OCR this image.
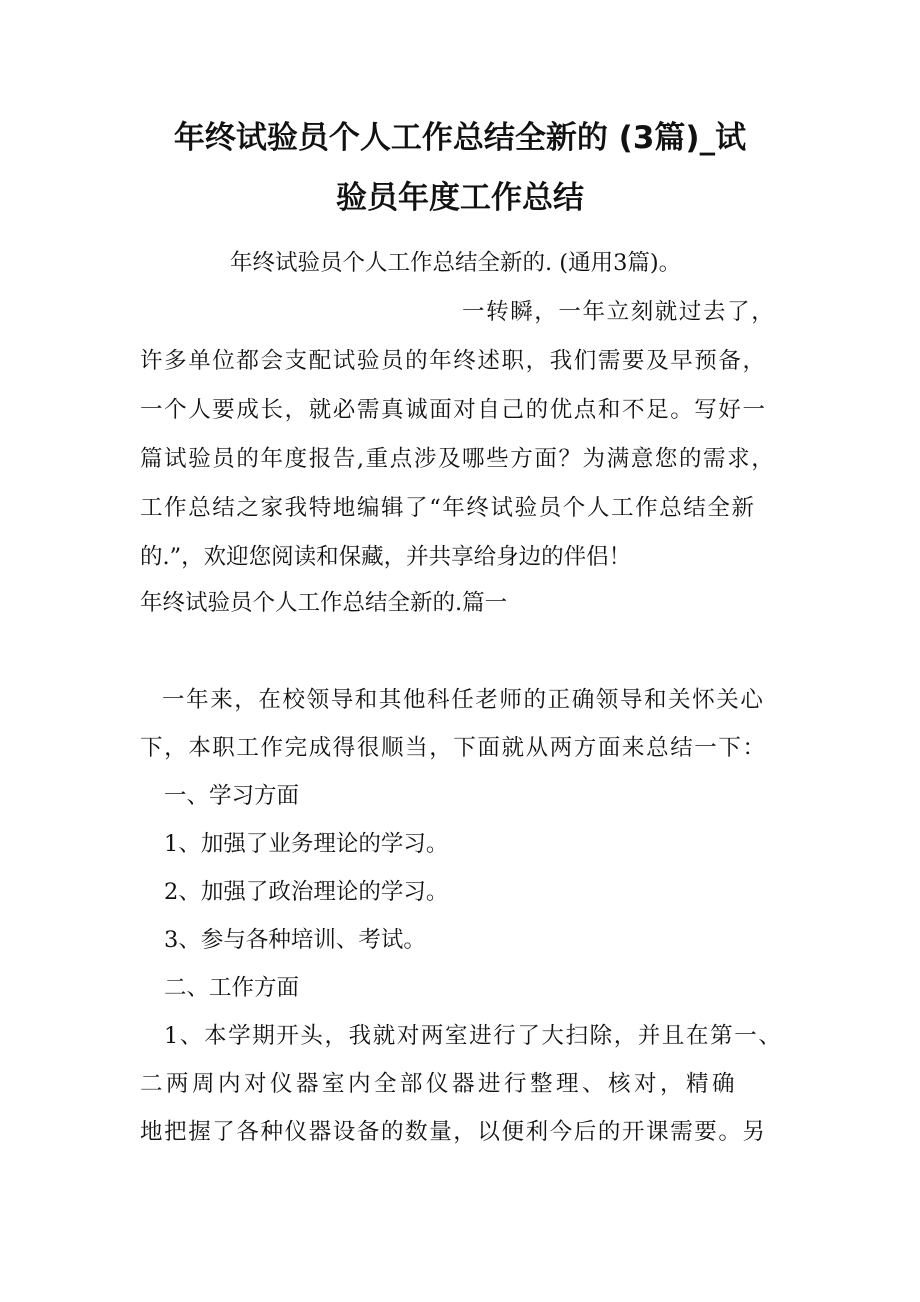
年终试验员个人工作总结全新的 (3篇)_试
验员年度工作总结

年终试验员个人工作总结全新的. (通用3篇)。

一转瞬，一年立刻就过去了，

许多单位都会支配试验员的年终述职，我们需要及早预备，

一个人要成长，就必需真诚面对自己的优点和不足。写好一

篇试验员的年度报告,重点涉及哪些方面？为满意您的需求，

工作总结之家我特地编辑了“年终试验员个人工作总结全新

的.”，欢迎您阅读和保藏，并共享给身边的伴侣！

年终试验员个人工作总结全新的.篇一

一年来，在校领导和其他科任老师的正确领导和关怀关心

下，本职工作完成得很顺当，下面就从两方面来总结一下：

一、学习方面

1、加强了业务理论的学习。

2、加强了政治理论的学习。

3、参与各种培训、考试。

二、工作方面

1、本学期开头，我就对两室进行了大扫除，并且在第一、

二两周内对仪器室内全部仪器进行整理、核对，精确

地把握了各种仪器设备的数量，以便利今后的开课需要。另
